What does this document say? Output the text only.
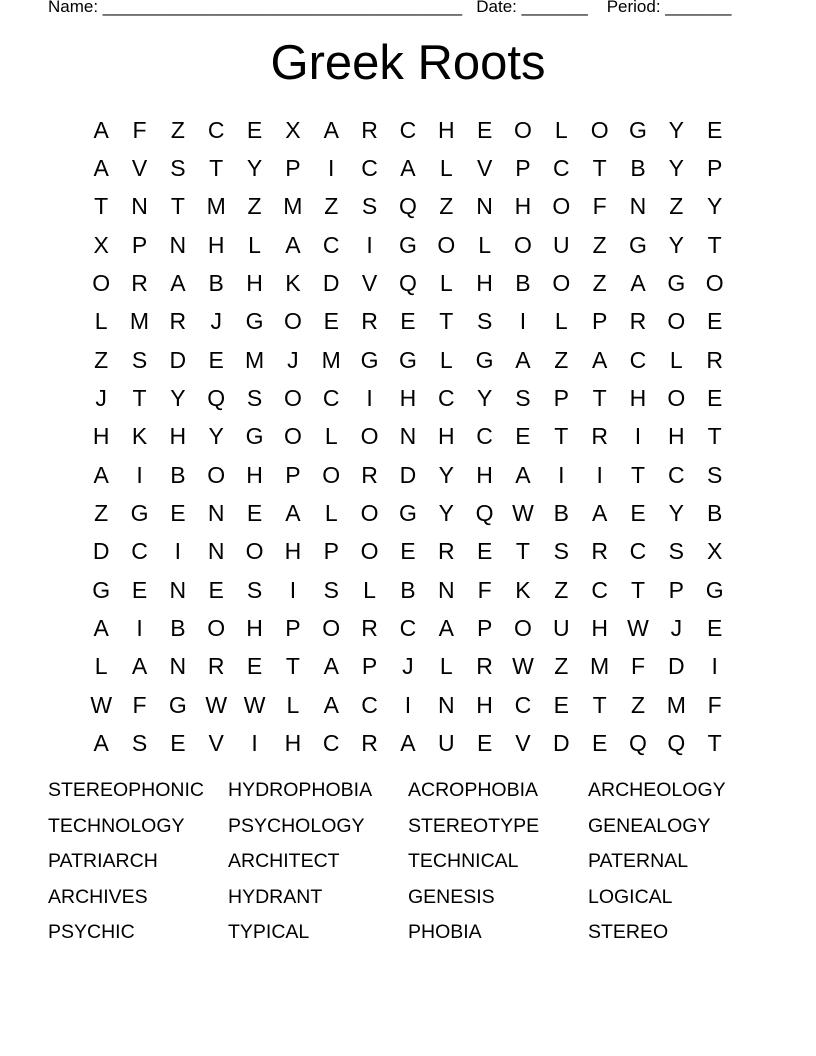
Name: ______________________________________ Date: _______ Period: _______
Greek Roots
A	F	Z	C E	X	A R C H E O	L	O G Y	E
A	V	S	T	Y	P	I	C A	L	V	P C	T	B	Y	P
T	N	T M Z M Z	S Q Z	N H O F	N	Z	Y
X	P N H	L	A C	I	G O	L	O U	Z G Y	T
O R A	B H K D V Q	L	H B O Z	A G O
L M R	J	G O E R E	T	S	I	L	P R O E
Z	S D E M	J	M G G	L	G A	Z	A C	L	R
J	T	Y Q S O C	I	H C Y	S	P	T	H O E
H K H Y G O	L	O N H C E	T	R	I	H	T
A	I	B O H P O R D Y H A	I	I	T	C S
Z G E N E	A	L	O G Y Q W B	A	E	Y	B
D C	I	N O H P O E R E	T	S R C S	X
G E N E	S	I	S	L	B N	F	K	Z	C	T	P G
A	I	B O H P O R C A	P O U H W J	E
L	A N R E	T	A	P	J	L	R W Z M F	D	I
W F G W W L	A C	I	N H C E	T	Z M F
A	S	E	V	I	H C R A U E	V D E Q Q T
STEREOPHONIC	HYDROPHOBIA	ACROPHOBIA	ARCHEOLOGY
TECHNOLOGY	PSYCHOLOGY	STEREOTYPE	GENEALOGY
PATRIARCH	ARCHITECT	TECHNICAL	PATERNAL
ARCHIVES	HYDRANT	GENESIS	LOGICAL
PSYCHIC	TYPICAL	PHOBIA	STEREO
